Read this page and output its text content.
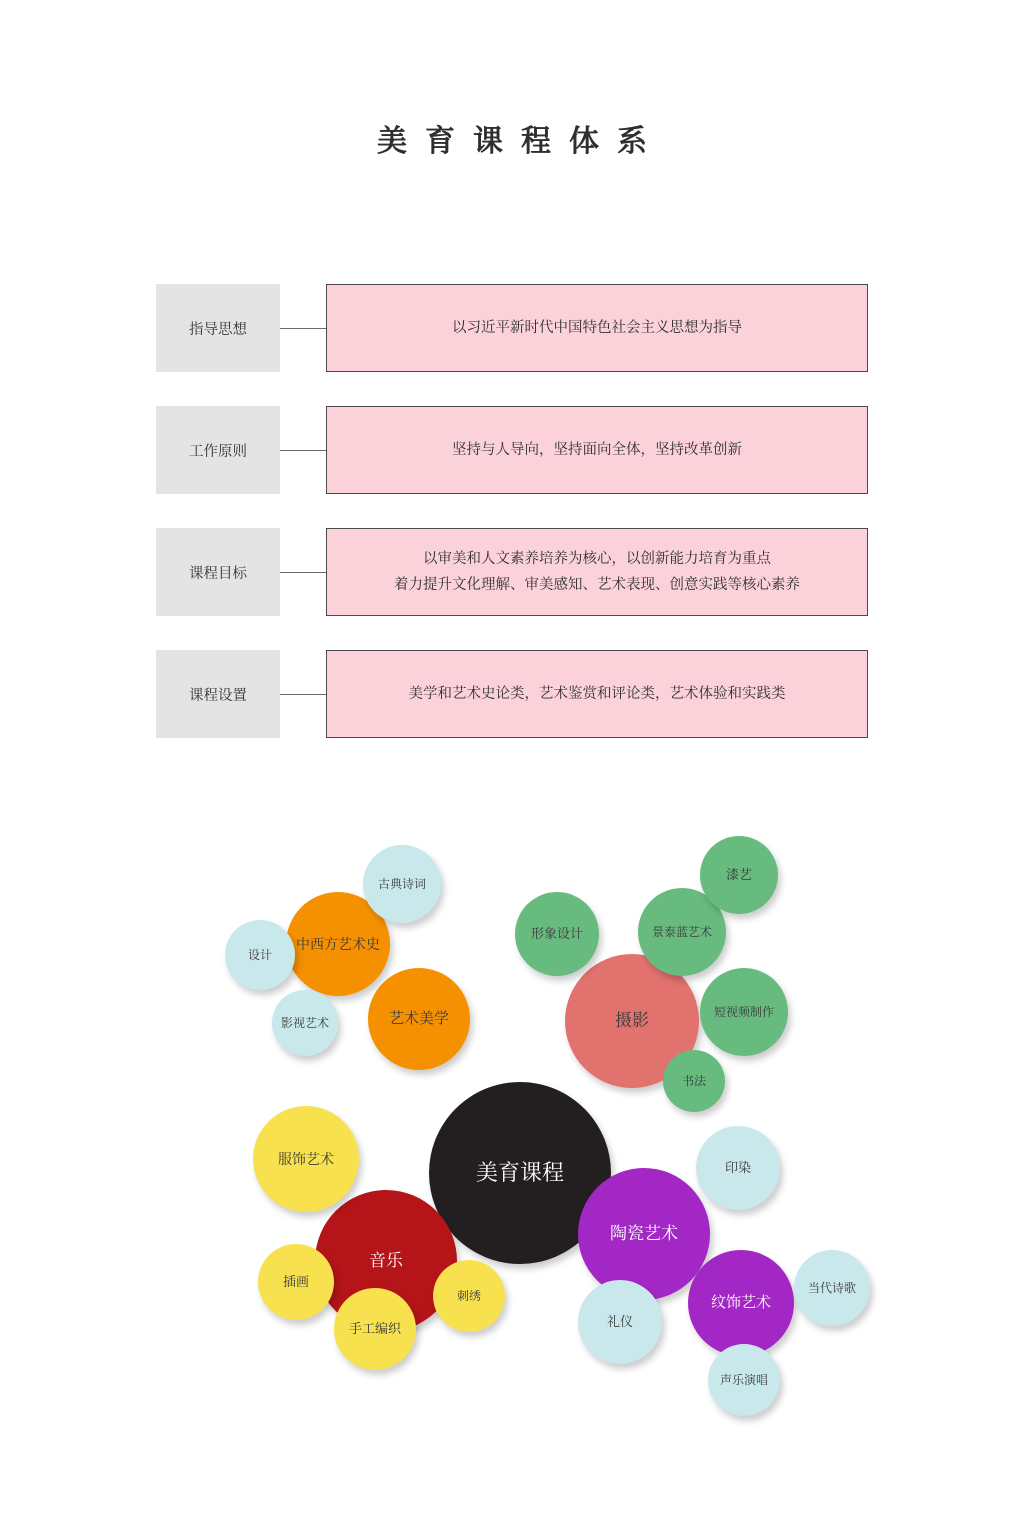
美育课程体系
指导思想	以习近平新时代中国特色社会主义思想为指导
工作原则	坚持与人导向，坚持面向全体，坚持改革创新
课程目标
以审美和人文素养培养为核心，以创新能力培育为重点
着力提升文化理解、审美感知、艺术表现、创意实践等核心素养
课程设置	美学和艺术史论类，艺术鉴赏和评论类，艺术体验和实践类
美育课程
中西方艺术史
艺术美学
古典诗词
设计
影视艺术	摄影
形象设计	景泰蓝艺术
漆艺
短视频制作
书法
音乐
服饰艺术
插画
刺绣
手工编织
陶瓷艺术
纹饰艺术
印染
当代诗歌
礼仪
声乐演唱
